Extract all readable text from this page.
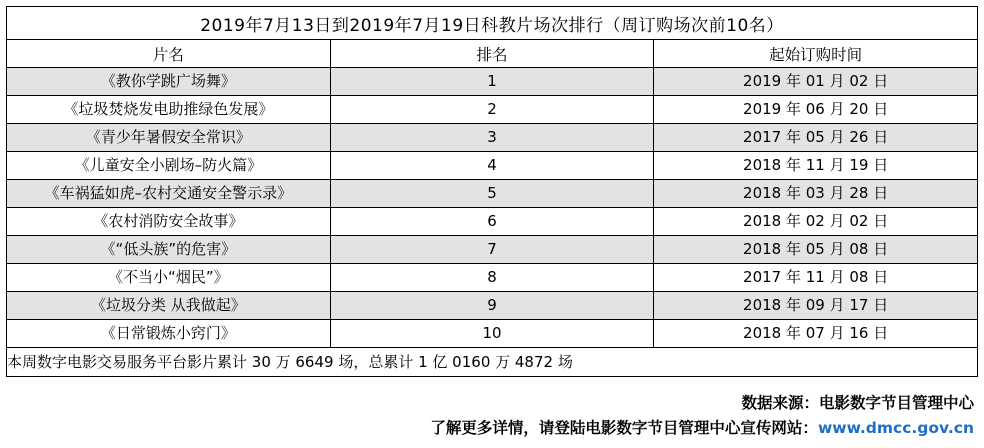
2019年7月13日到2019年7月19日科教片场次排行（周订购场次前10名）		
片名	排名	起始订购时间
《教你学跳广场舞》	1	2019 年 01 月 02 日
《垃圾焚烧发电助推绿色发展》	2	2019 年 06 月 20 日
《青少年暑假安全常识》	3	2017 年 05 月 26 日
《儿童安全小剧场–防火篇》	4	2018 年 11 月 19 日
《车祸猛如虎–农村交通安全警示录》	5	2018 年 03 月 28 日
《农村消防安全故事》	6	2018 年 02 月 02 日
《“低头族”的危害》	7	2018 年 05 月 08 日
《不当小“烟民”》	8	2017 年 11 月 08 日
《垃圾分类 从我做起》	9	2018 年 09 月 17 日
《日常锻炼小窍门》	10	2018 年 07 月 16 日
本周数字电影交易服务平台影片累计 30 万 6649 场，总累计 1 亿 0160 万 4872 场		
数据来源：电影数字节目管理中心
了解更多详情，请登陆电影数字节目管理中心宣传网站：www.dmcc.gov.cn
